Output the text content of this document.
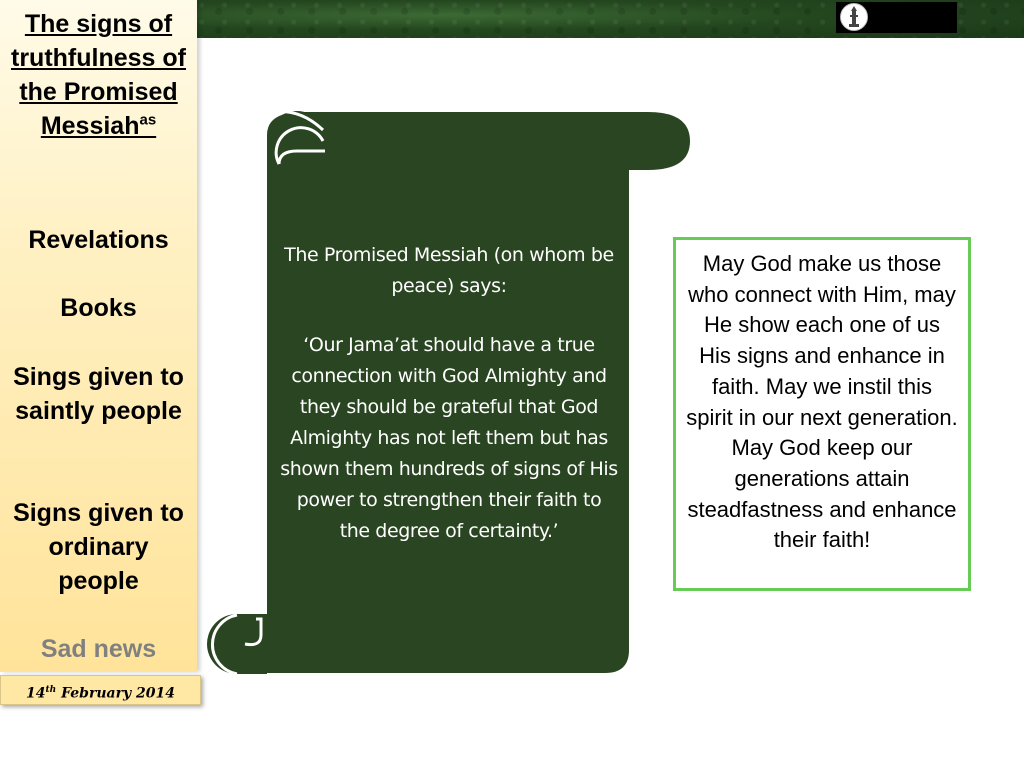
The signs of truthfulness of the Promised Messiah$^{as}$
Revelations
Books
Sings given to saintly people
Signs given to ordinary people
Sad news
14th February 2014

The Promised Messiah (on whom be peace) says:

‘Our Jama’at should have a true connection with God Almighty and they should be grateful that God Almighty has not left them but has shown them hundreds of signs of His power to strengthen their faith to the degree of certainty.’

May God make us those who connect with Him, may He show each one of us His signs and enhance in faith. May we instil this spirit in our next generation. May God keep our generations attain steadfastness and enhance their faith!
